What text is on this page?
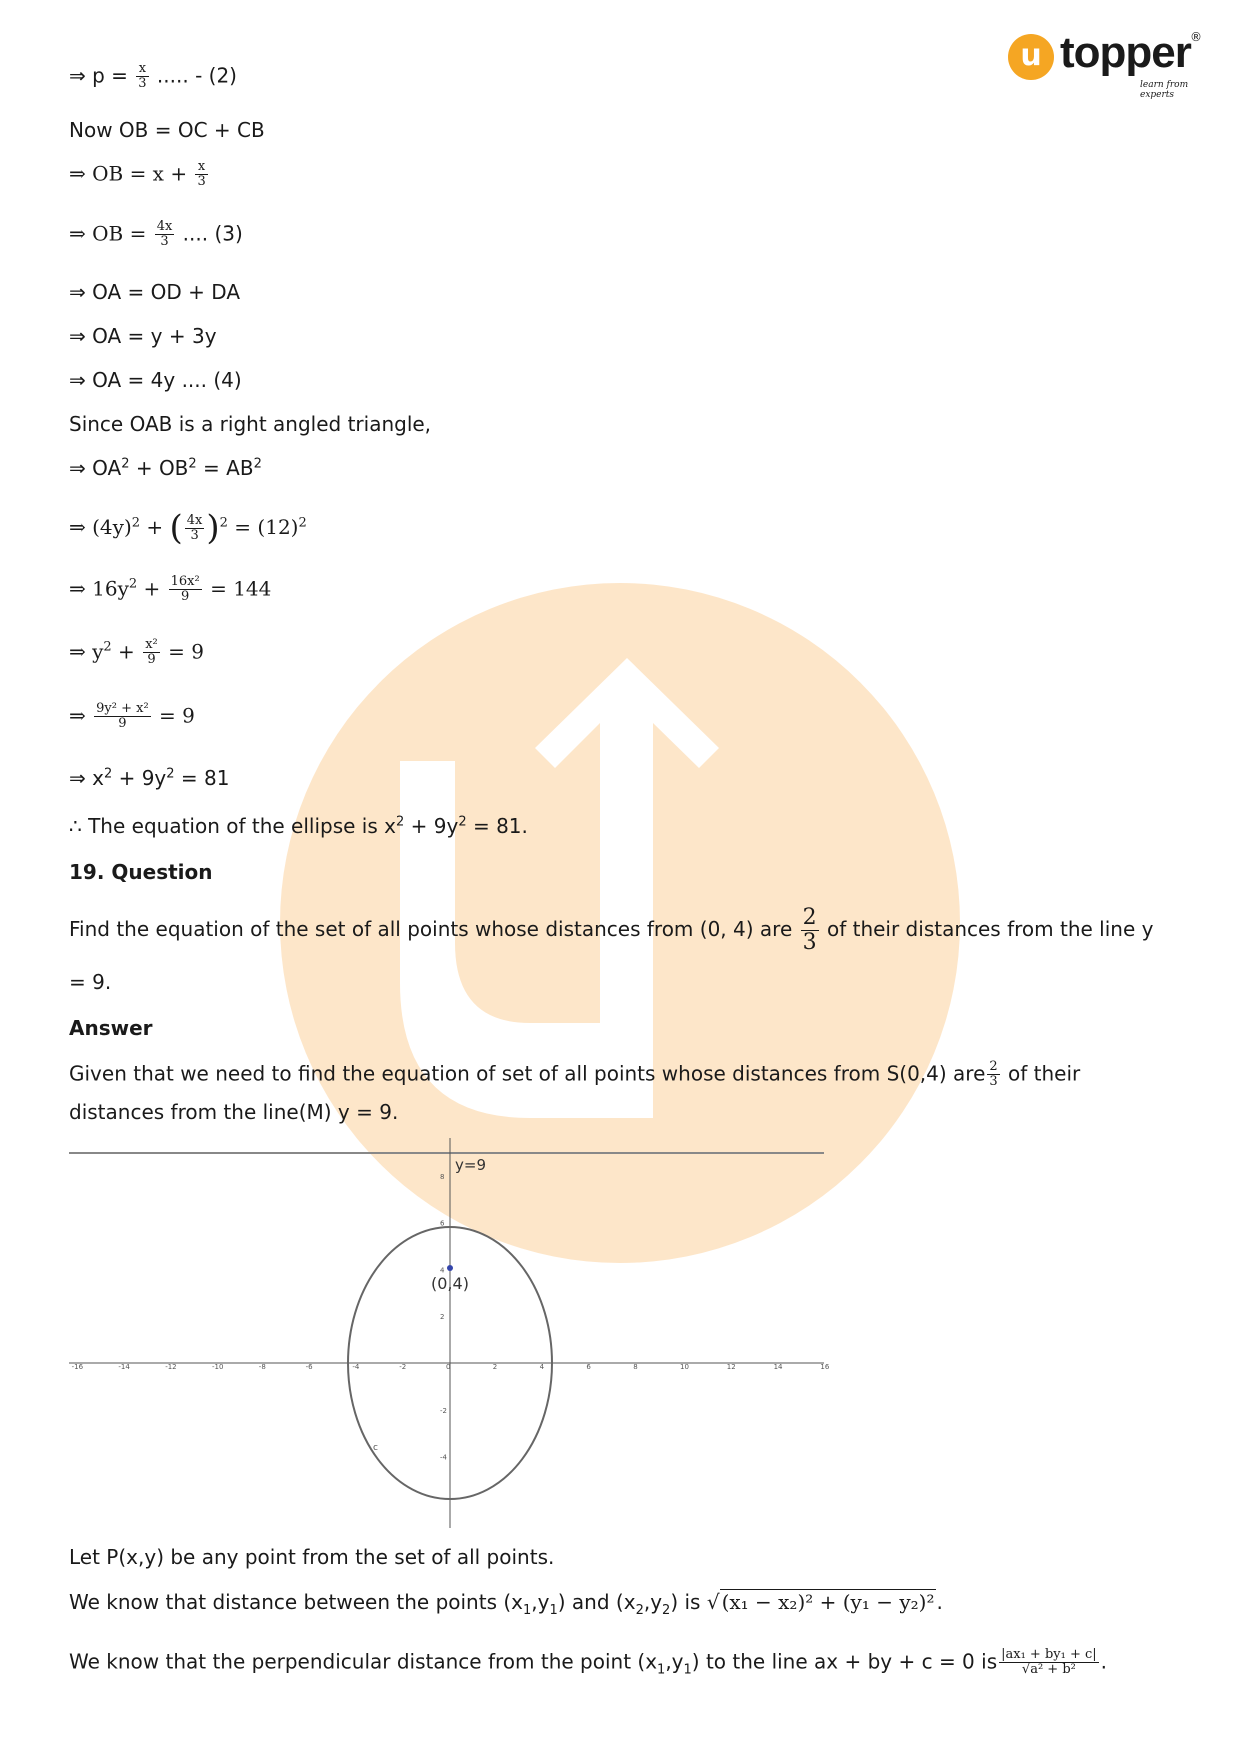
u topper ®
learn from experts
⇒ $p = \frac{x}{3}$ ..... - (2)
Now OB = OC + CB
⇒ OB = $x + \frac{x}{3}$
⇒ OB = $\frac{4x}{3}$ .... (3)
⇒ OA = OD + DA
⇒ OA = y + 3y
⇒ OA = 4y .... (4)
Since OAB is a right angled triangle,
⇒ $OA^2 + OB^2 = AB^2$
⇒ $(4y)^2$ + ( $\frac{4x}{3} )^2 = (12)^2$
⇒ $16y^2 + \frac{\text{16x²}}{9} = 144$
⇒ $y^2 + \frac{\text{x²}}{9} = 9$
⇒ $\frac{\text{9y² + x²}}{9} = 9$
⇒ $x^2 + 9y^2 = 81$
∴ The equation of the ellipse is $x^2 + 9y^2 = 81$.
19. Question
Find the equation of the set of all points whose distances from (0, 4) are $\frac{2}{3}$ of their distances from the line y
= 9.
Answer
Given that we need to find the equation of set of all points whose distances from S(0,4) are $\frac{2}{3}$ of their
distances from the line(M) y = 9.
y=9
(0,4)
c
-16	-14	-12	-10	-8	-6	-4	-2	0	2	4	6	8	10	12	14	16
-4
-2
2
4
6
8
Let P(x,y) be any point from the set of all points.
We know that distance between the points $(x_1,y_1)$ and $(x_2,y_2)$ is √ (x₁ − x₂)² + (y₁ − y₂)² .
We know that the perpendicular distance from the point $(x_1,y_1)$ to the line ax + by + c = 0 is $\frac{\text{|ax₁ + by₁ + c|}}{\text{√a² + b²}}$ .
